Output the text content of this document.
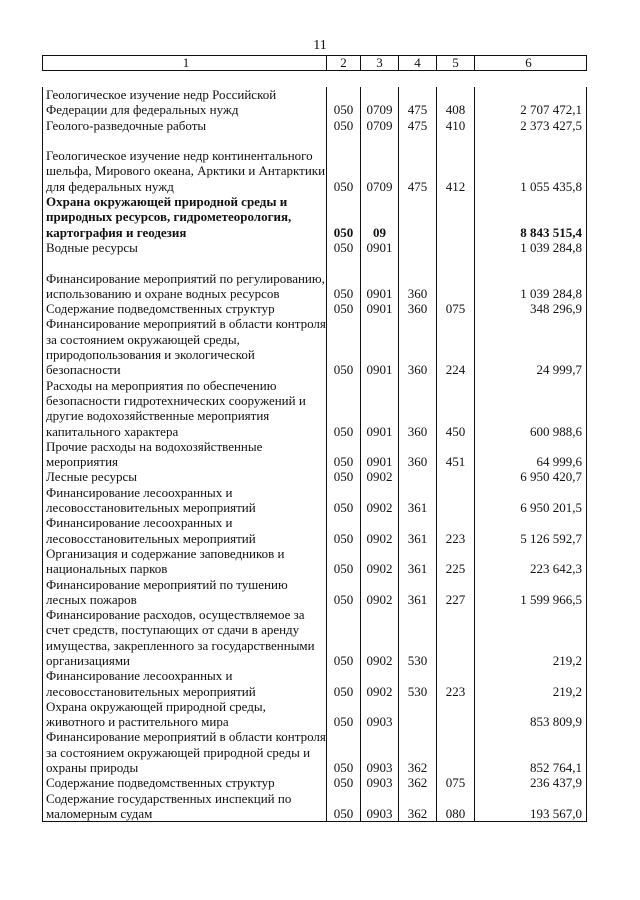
11
1	2	3	4	5	6
Геологическое изучение недр Российской Федерации для федеральных нужд	050	0709	475	408	2 707 472,1
Геолого-разведочные работы	050	0709	475	410	2 373 427,5
Геологическое изучение недр континентального шельфа, Мирового океана, Арктики и Антарктики для федеральных нужд	050	0709	475	412	1 055 435,8
Охрана окружающей природной среды и природных ресурсов, гидрометеорология, картография и геодезия	050	09			8 843 515,4
Водные ресурсы	050	0901			1 039 284,8
Финансирование мероприятий по регулированию, использованию и охране водных ресурсов	050	0901	360		1 039 284,8
Содержание подведомственных структур	050	0901	360	075	348 296,9
Финансирование мероприятий в области контроля за состоянием окружающей среды, природопользования и экологической безопасности	050	0901	360	224	24 999,7
Расходы на мероприятия по обеспечению безопасности гидротехнических сооружений и другие водохозяйственные мероприятия капитального характера	050	0901	360	450	600 988,6
Прочие расходы на водохозяйственные мероприятия	050	0901	360	451	64 999,6
Лесные ресурсы	050	0902			6 950 420,7
Финансирование лесоохранных и лесовосстановительных мероприятий	050	0902	361		6 950 201,5
Финансирование лесоохранных и лесовосстановительных мероприятий	050	0902	361	223	5 126 592,7
Организация и содержание заповедников и национальных парков	050	0902	361	225	223 642,3
Финансирование мероприятий по тушению лесных пожаров	050	0902	361	227	1 599 966,5
Финансирование расходов, осуществляемое за счет средств, поступающих от сдачи в аренду имущества, закрепленного за государственными организациями	050	0902	530		219,2
Финансирование лесоохранных и лесовосстановительных мероприятий	050	0902	530	223	219,2
Охрана окружающей природной среды, животного и растительного мира	050	0903			853 809,9
Финансирование мероприятий в области контроля за состоянием окружающей природной среды и охраны природы	050	0903	362		852 764,1
Содержание подведомственных структур	050	0903	362	075	236 437,9
Содержание государственных инспекций по маломерным судам	050	0903	362	080	193 567,0
